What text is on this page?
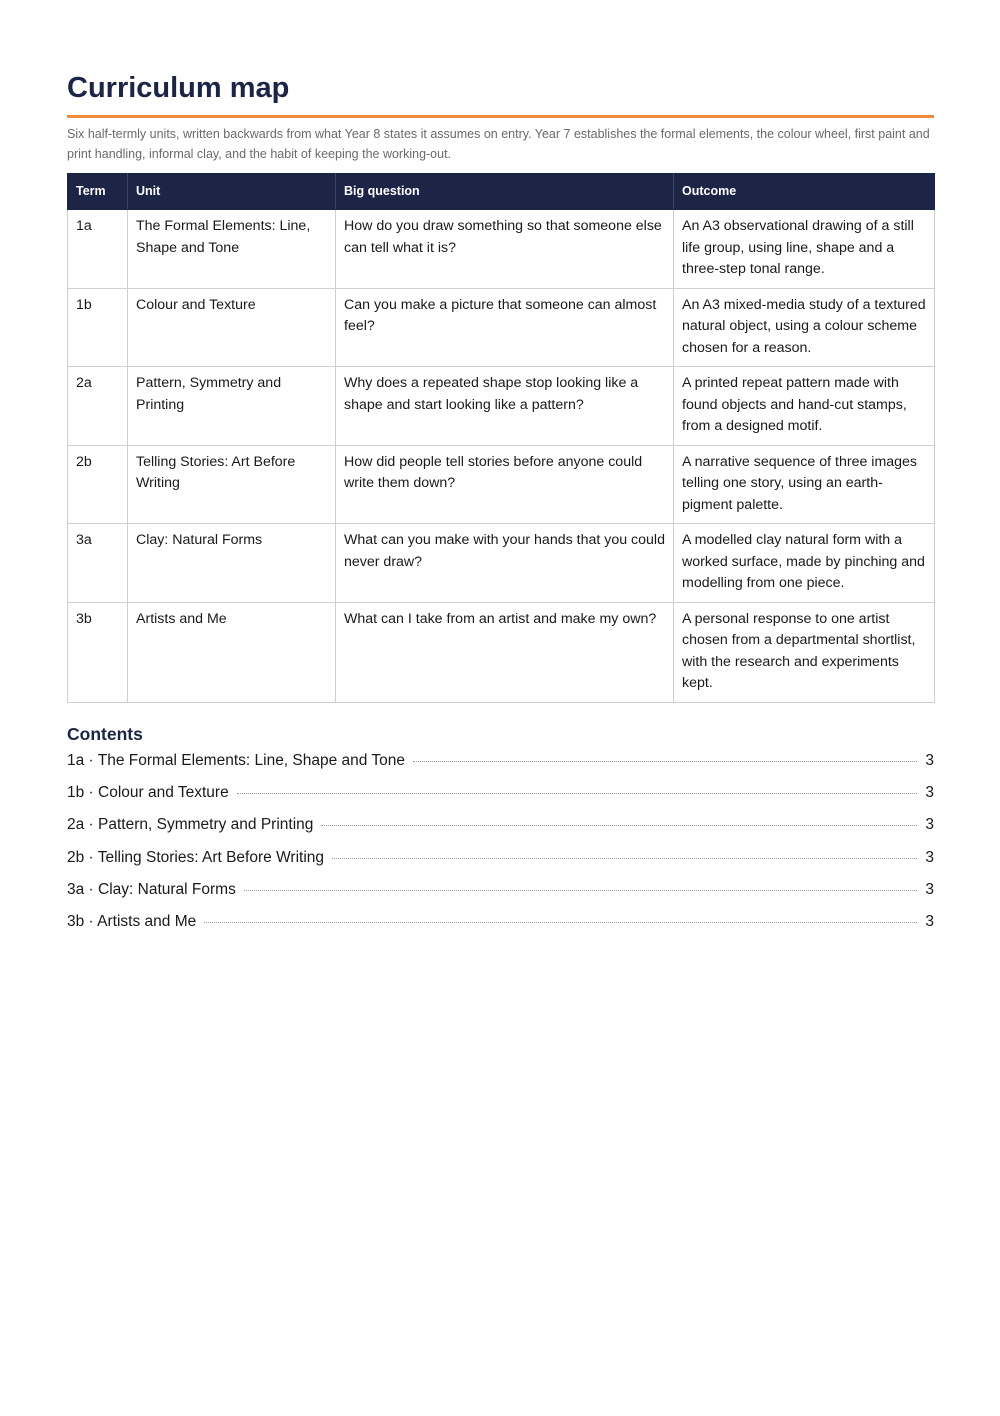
Curriculum map

Six half-termly units, written backwards from what Year 8 states it assumes on entry. Year 7 establishes the formal elements, the colour wheel, first paint and print handling, informal clay, and the habit of keeping the working-out.

Term	Unit	Big question	Outcome
1a	The Formal Elements: Line, Shape and Tone	How do you draw something so that someone else can tell what it is?	An A3 observational drawing of a still life group, using line, shape and a three-step tonal range.
1b	Colour and Texture	Can you make a picture that someone can almost feel?	An A3 mixed-media study of a textured natural object, using a colour scheme chosen for a reason.
2a	Pattern, Symmetry and Printing	Why does a repeated shape stop looking like a shape and start looking like a pattern?	A printed repeat pattern made with found objects and hand-cut stamps, from a designed motif.
2b	Telling Stories: Art Before Writing	How did people tell stories before anyone could write them down?	A narrative sequence of three images telling one story, using an earth-pigment palette.
3a	Clay: Natural Forms	What can you make with your hands that you could never draw?	A modelled clay natural form with a worked surface, made by pinching and modelling from one piece.
3b	Artists and Me	What can I take from an artist and make my own?	A personal response to one artist chosen from a departmental shortlist, with the research and experiments kept.
Contents
1a · The Formal Elements: Line, Shape and Tone	3
1b · Colour and Texture	3
2a · Pattern, Symmetry and Printing	3
2b · Telling Stories: Art Before Writing	3
3a · Clay: Natural Forms	3
3b · Artists and Me	3
